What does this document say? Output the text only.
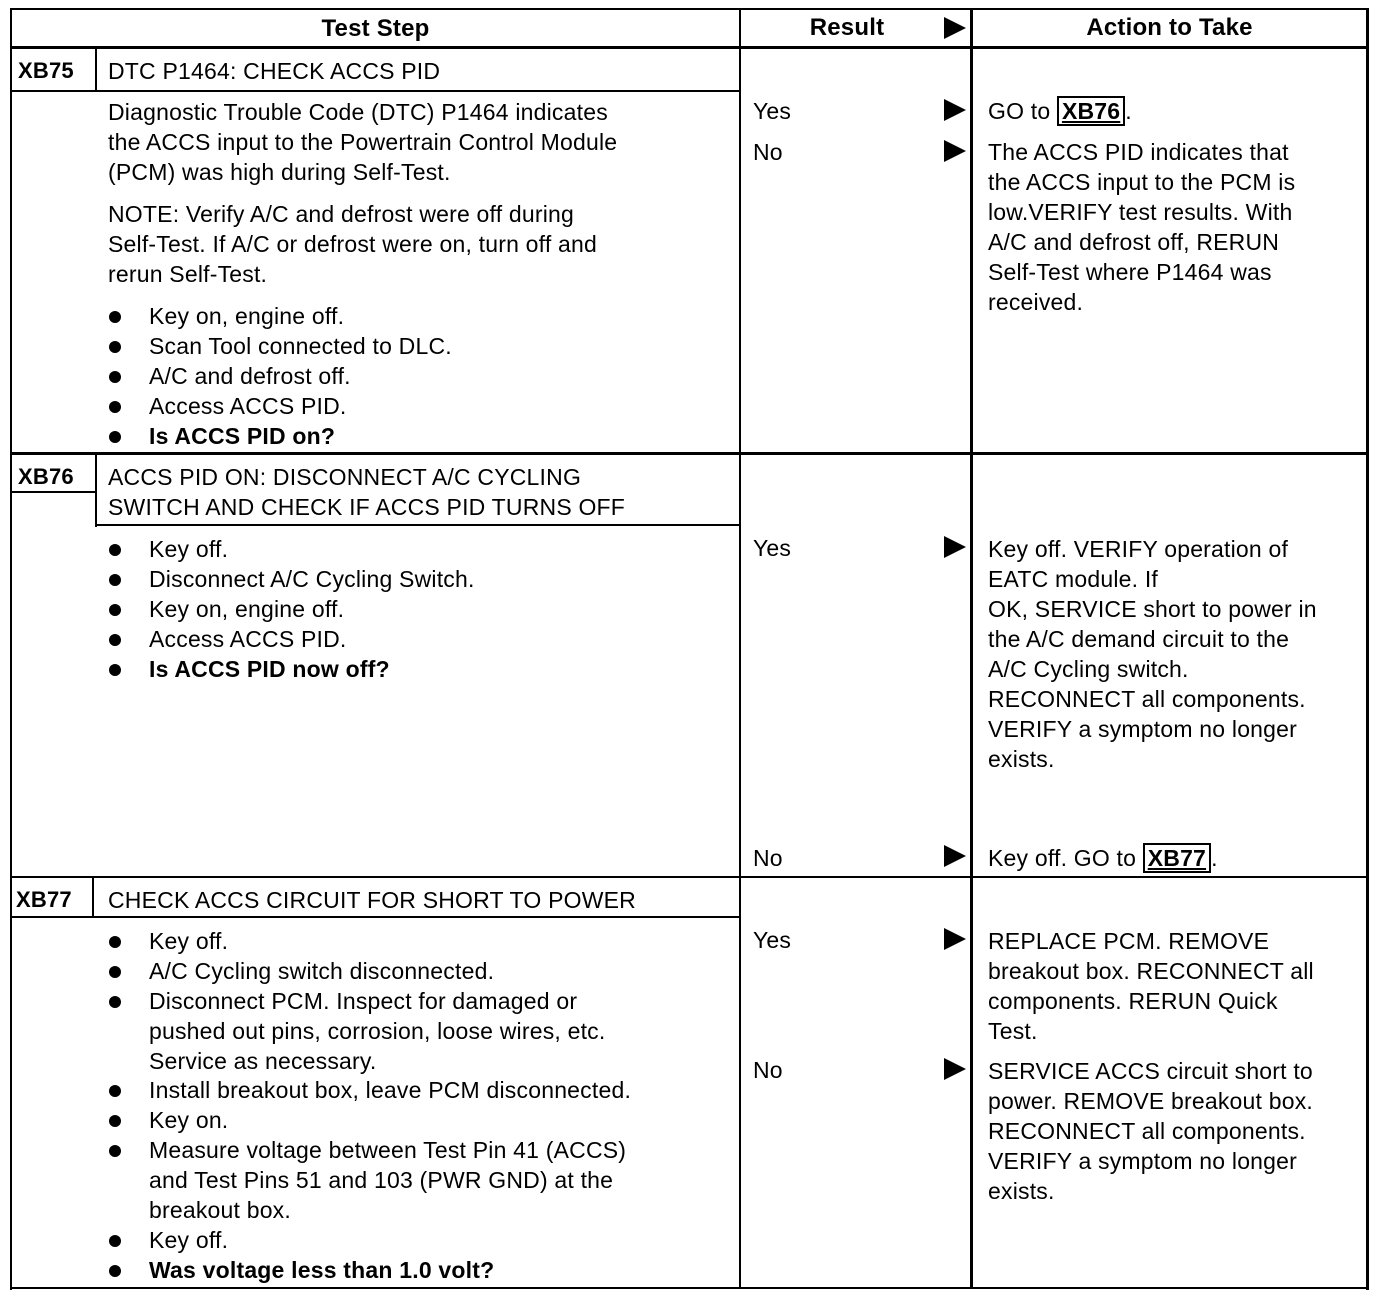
Test Step	Result	Action to Take
XB75 DTC P1464: CHECK ACCS PID
Diagnostic Trouble Code (DTC) P1464 indicates
the ACCS input to the Powertrain Control Module
(PCM) was high during Self-Test.
NOTE: Verify A/C and defrost were off during
Self-Test. If A/C or defrost were on, turn off and
rerun Self-Test.
Key on, engine off.
Scan Tool connected to DLC.
A/C and defrost off.
Access ACCS PID.
Is ACCS PID on?
Yes	GO to XB76 .
No	The ACCS PID indicates that
the ACCS input to the PCM is
low.VERIFY test results. With
A/C and defrost off, RERUN
Self-Test where P1464 was
received.
XB76 ACCS PID ON: DISCONNECT A/C CYCLING
SWITCH AND CHECK IF ACCS PID TURNS OFF
Key off.
Disconnect A/C Cycling Switch.
Key on, engine off.
Access ACCS PID.
Is ACCS PID now off?
Yes	Key off. VERIFY operation of
EATC module. If
OK, SERVICE short to power in
the A/C demand circuit to the
A/C Cycling switch.
RECONNECT all components.
VERIFY a symptom no longer
exists.
No	Key off. GO to XB77 .
XB77 CHECK ACCS CIRCUIT FOR SHORT TO POWER
Key off.
A/C Cycling switch disconnected.
Disconnect PCM. Inspect for damaged or
pushed out pins, corrosion, loose wires, etc.
Service as necessary.
Install breakout box, leave PCM disconnected.
Key on.
Measure voltage between Test Pin 41 (ACCS)
and Test Pins 51 and 103 (PWR GND) at the
breakout box.
Key off.
Was voltage less than 1.0 volt?
Yes	REPLACE PCM. REMOVE
breakout box. RECONNECT all
components. RERUN Quick
Test.
No	SERVICE ACCS circuit short to
power. REMOVE breakout box.
RECONNECT all components.
VERIFY a symptom no longer
exists.
